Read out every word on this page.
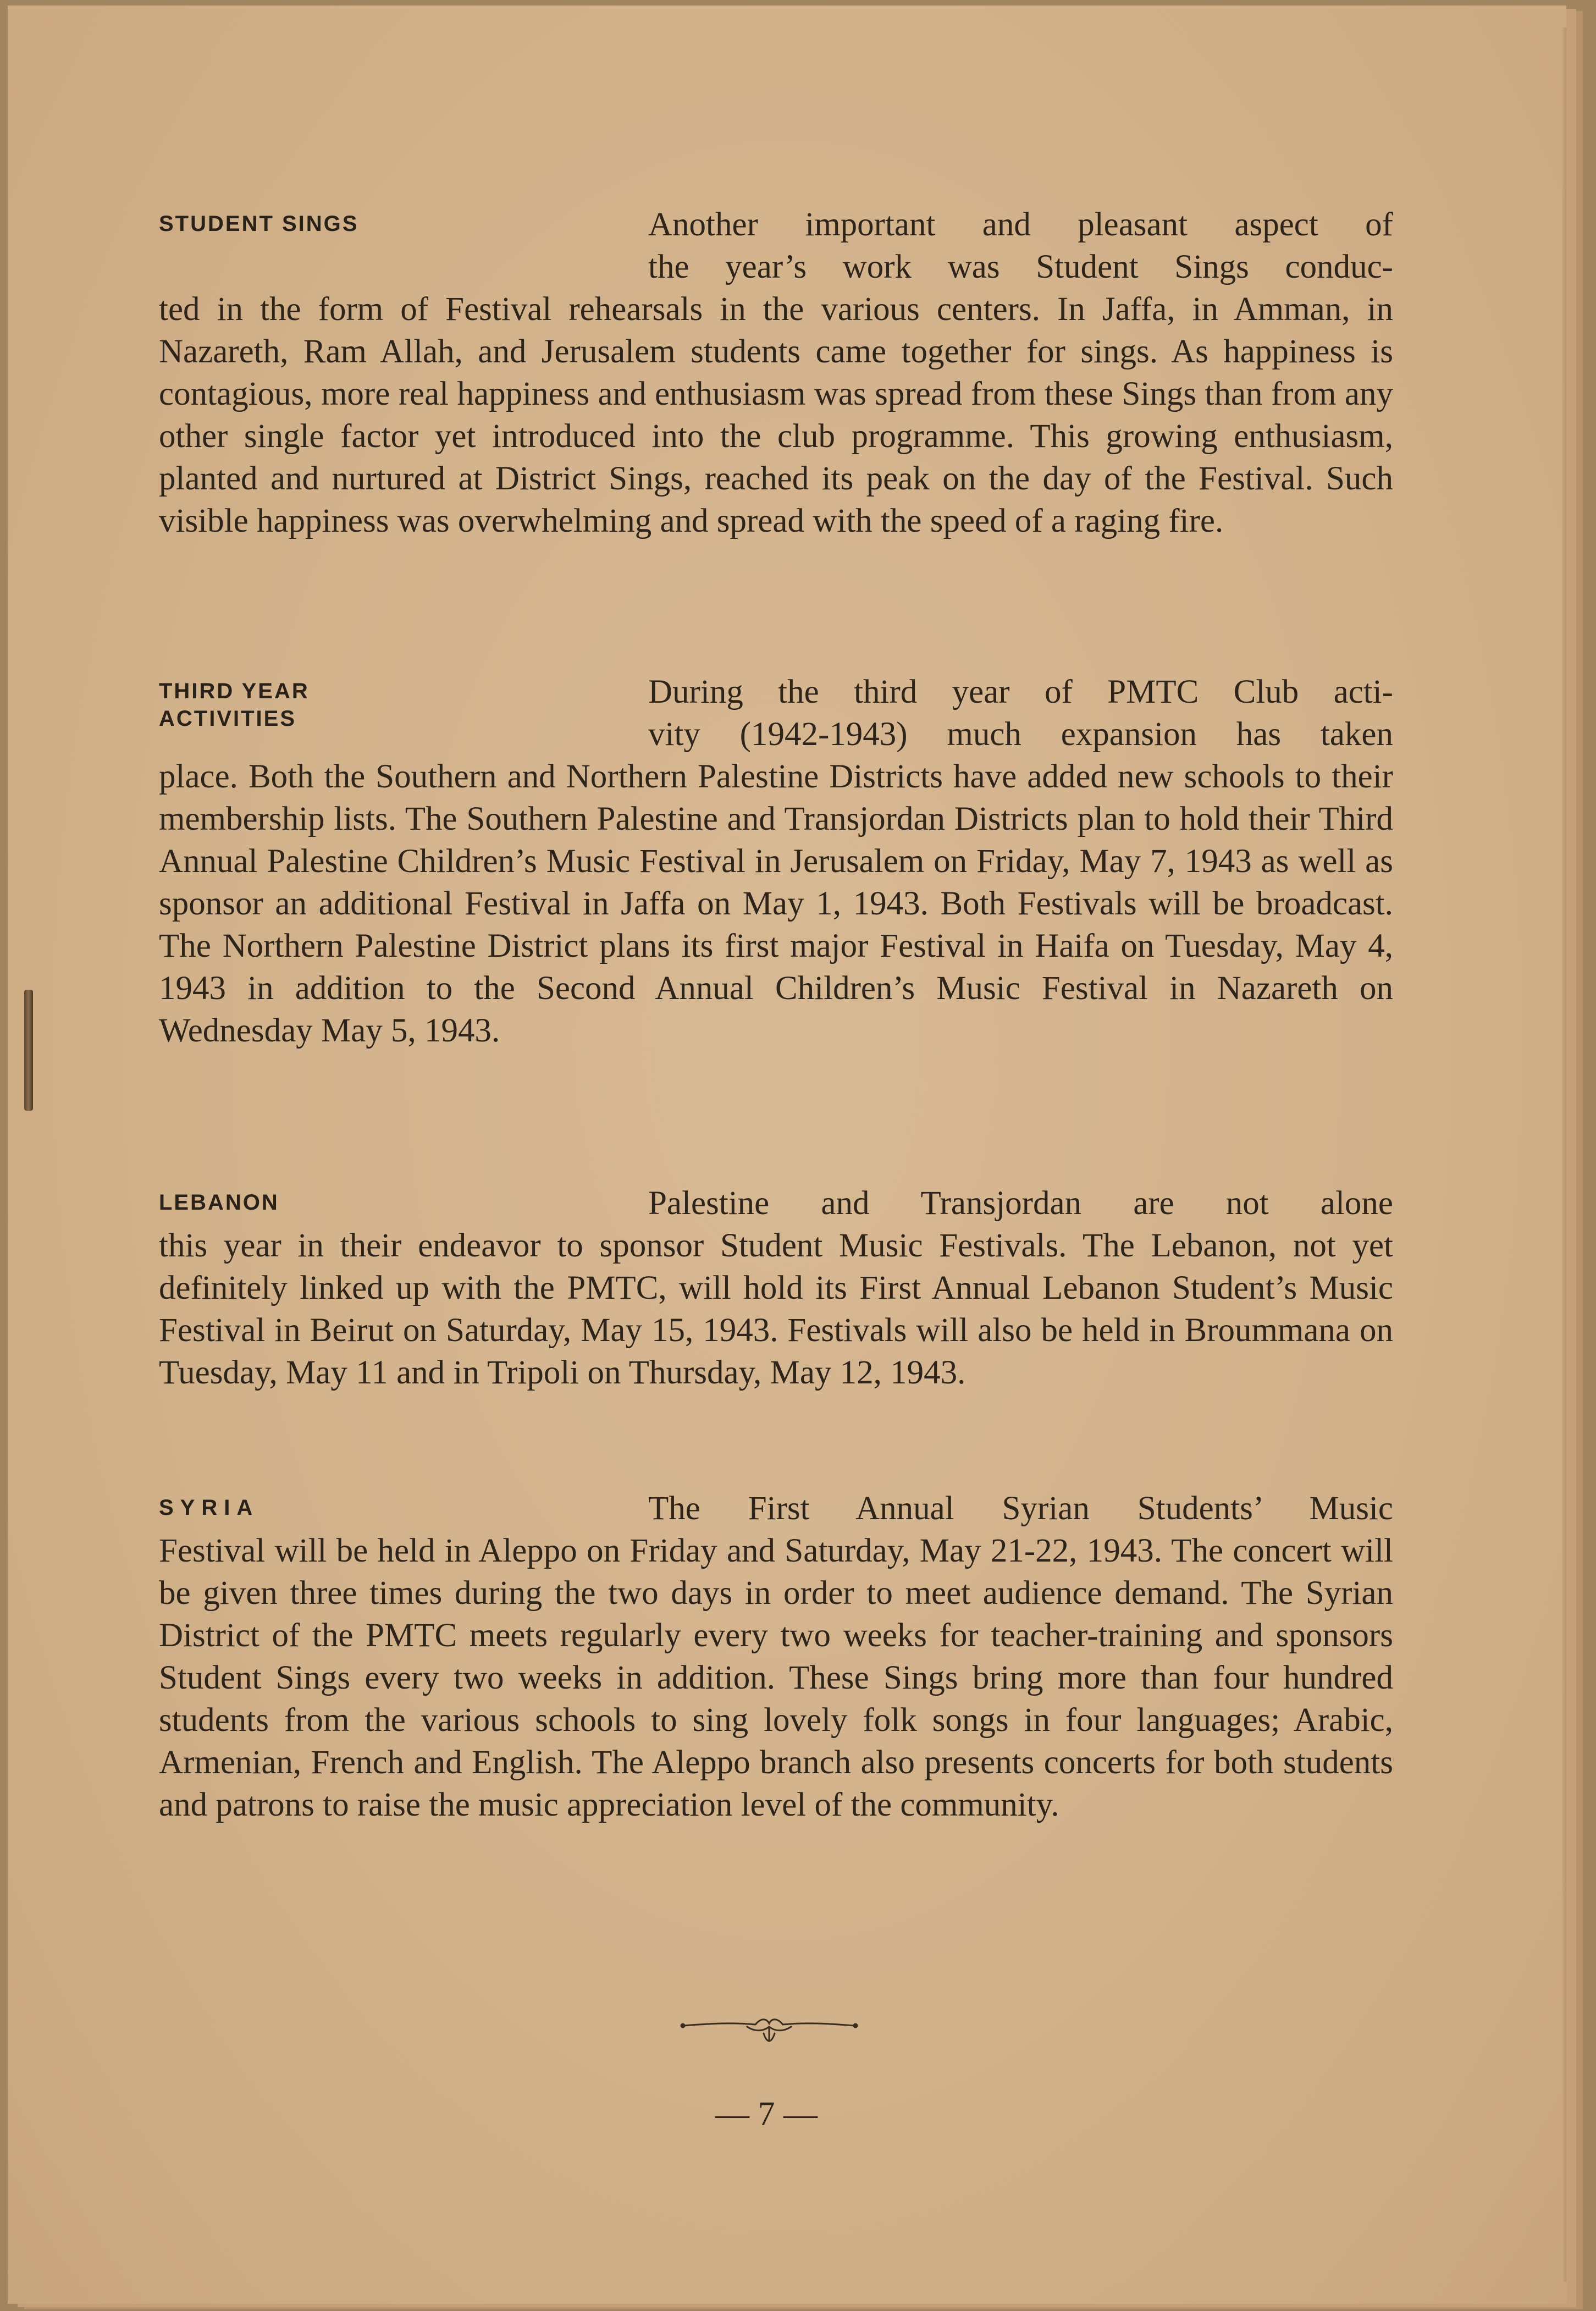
STUDENT SINGS	Another important and pleasant aspect of
the year’s work was Student Sings conduc-
ted in the form of Festival rehearsals in the various centers. In Jaffa, in Amman, in Nazareth, Ram Allah, and Jerusalem students came together for sings. As happiness is contagious, more real happiness and enthusiasm was spread from these Sings than from any other single factor yet introduced into the club programme. This growing enthusiasm, planted and nurtured at District Sings, reached its peak on the day of the Festival. Such visible happiness was overwhelming and spread with the speed of a raging fire.
THIRD YEAR
ACTIVITIES
During the third year of PMTC Club acti-
vity (1942-1943) much expansion has taken
place. Both the Southern and Northern Palestine Districts have added new schools to their membership lists. The Southern Palestine and Transjordan Districts plan to hold their Third Annual Palestine Children’s Music Festival in Jerusalem on Friday, May 7, 1943 as well as sponsor an additional Festival in Jaffa on May 1, 1943. Both Festivals will be broadcast. The Northern Palestine District plans its first major Festival in Haifa on Tuesday, May 4, 1943 in addition to the Second Annual Children’s Music Festival in Nazareth on Wednesday May 5, 1943.
LEBANON	Palestine and Transjordan are not alone
this year in their endeavor to sponsor Student Music Festivals. The Lebanon, not yet definitely linked up with the PMTC, will hold its First Annual Lebanon Student’s Music Festival in Beirut on Saturday, May 15, 1943. Festivals will also be held in Broummana on Tuesday, May 11 and in Tripoli on Thursday, May 12, 1943.
SYRIA	The First Annual Syrian Students’ Music
Festival will be held in Aleppo on Friday and Saturday, May 21-22, 1943. The concert will be given three times during the two days in order to meet audience demand. The Syrian District of the PMTC meets regularly every two weeks for teacher-training and sponsors Student Sings every two weeks in addition. These Sings bring more than four hundred students from the various schools to sing lovely folk songs in four languages; Arabic, Armenian, French and English. The Aleppo branch also presents concerts for both students and patrons to raise the music appreciation level of the community.
— 7 —
